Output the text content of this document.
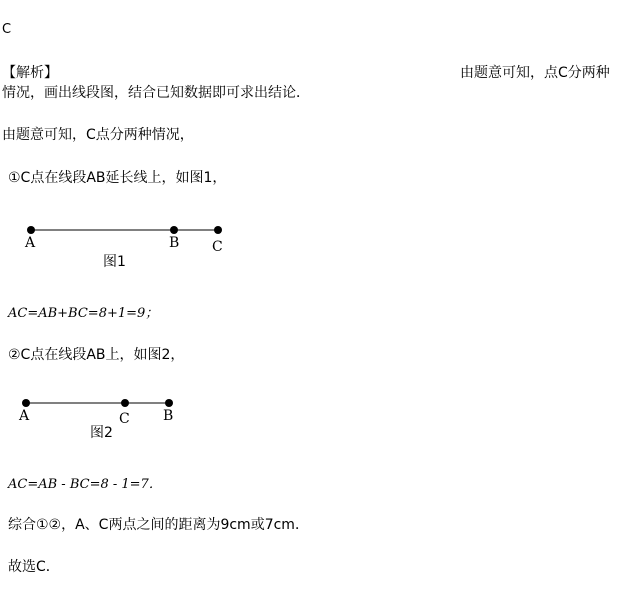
C
【解析】	由题意可知，点C分两种
情况，画出线段图，结合已知数据即可求出结论．
由题意可知，C点分两种情况，
①C点在线段AB延长线上，如图1，
A	B C
图1
AC=AB+BC=8+1=9；
②C点在线段AB上，如图2，
A	C B
图2
AC=AB - BC=8 - 1=7．
综合①②，A、C两点之间的距离为9cm或7cm．
故选C．
